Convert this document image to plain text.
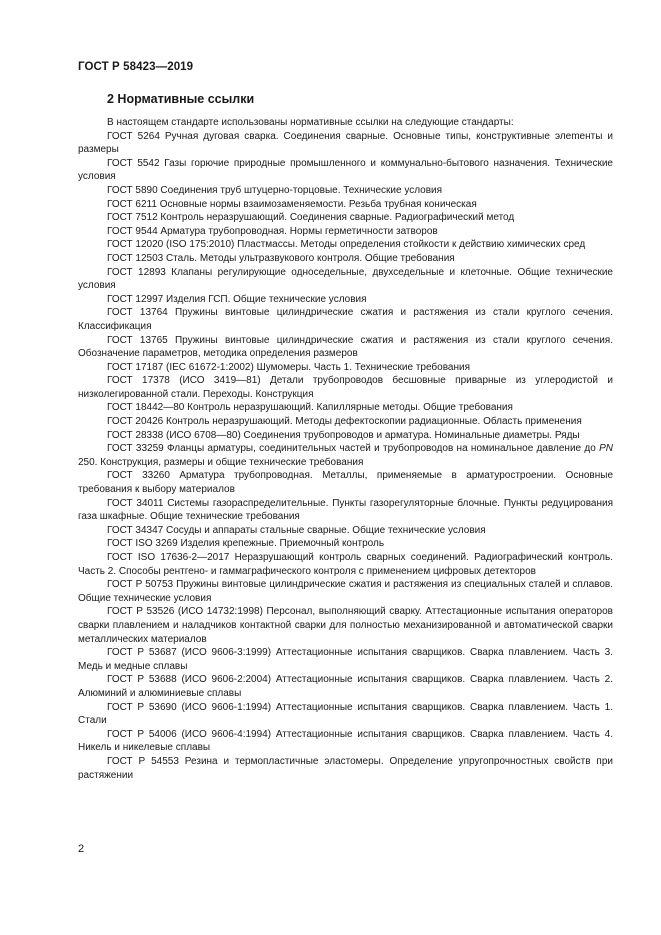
ГОСТ Р 58423—2019
2 Нормативные ссылки

В настоящем стандарте использованы нормативные ссылки на следующие стандарты:

ГОСТ 5264 Ручная дуговая сварка. Соединения сварные. Основные типы, конструктивные элеmенты и размеры

ГОСТ 5542 Газы горючие природные промышленного и коммунально-бытового назначения. Технические условия

ГОСТ 5890 Соединения труб штуцерно-торцовые. Технические условия

ГОСТ 6211 Основные нормы взаимозаменяемости. Резьба трубная коническая

ГОСТ 7512 Контроль неразрушающий. Соединения сварные. Радиографический метод

ГОСТ 9544 Арматура трубопроводная. Нормы герметичности затворов

ГОСТ 12020 (ISO 175:2010) Пластмассы. Методы определения стойкости к действию химических сред

ГОСТ 12503 Сталь. Методы ультразвукового контроля. Общие требования

ГОСТ 12893 Клапаны регулирующие односедельные, двухседельные и клеточные. Общие технические условия

ГОСТ 12997 Изделия ГСП. Общие технические условия

ГОСТ 13764 Пружины винтовые цилиндрические сжатия и растяжения из стали круглого сечения. Классификация

ГОСТ 13765 Пружины винтовые цилиндрические сжатия и растяжения из стали круглого сечения. Обозначение параметров, методика определения размеров

ГОСТ 17187 (IEC 61672-1:2002) Шумомеры. Часть 1. Технические требования

ГОСТ 17378 (ИСО 3419—81) Детали трубопроводов бесшовные приварные из углеродистой и низколегированной стали. Переходы. Конструкция

ГОСТ 18442—80 Контроль неразрушающий. Капиллярные методы. Общие требования

ГОСТ 20426 Контроль неразрушающий. Методы дефектоскопии радиационные. Область применения

ГОСТ 28338 (ИСО 6708—80) Соединения трубопроводов и арматура. Номинальные диаметры. Ряды

ГОСТ 33259 Фланцы арматуры, соединительных частей и трубопроводов на номинальное давление до PN 250. Конструкция, размеры и общие технические требования

ГОСТ 33260 Арматура трубопроводная. Металлы, применяемые в арматуростроении. Основные требования к выбору материалов

ГОСТ 34011 Системы газораспределительные. Пункты газорегуляторные блочные. Пункты редуцирования газа шкафные. Общие технические требования

ГОСТ 34347 Сосуды и аппараты стальные сварные. Общие технические условия

ГОСТ ISO 3269 Изделия крепежные. Приемочный контроль

ГОСТ ISO 17636-2—2017 Неразрушающий контроль сварных соединений. Радиографический контроль. Часть 2. Способы рентгено- и гаммаграфического контроля с применением цифровых детекторов

ГОСТ Р 50753 Пружины винтовые цилиндрические сжатия и растяжения из специальных сталей и сплавов. Общие технические условия

ГОСТ Р 53526 (ИСО 14732:1998) Персонал, выполняющий сварку. Аттестационные испытания операторов сварки плавлением и наладчиков контактной сварки для полностью механизированной и автоматической сварки металлических материалов

ГОСТ Р 53687 (ИСО 9606-3:1999) Аттестационные испытания сварщиков. Сварка плавлением. Часть 3. Медь и медные сплавы

ГОСТ Р 53688 (ИСО 9606-2:2004) Аттестационные испытания сварщиков. Сварка плавлением. Часть 2. Алюминий и алюминиевые сплавы

ГОСТ Р 53690 (ИСО 9606-1:1994) Аттестационные испытания сварщиков. Сварка плавлением. Часть 1. Стали

ГОСТ Р 54006 (ИСО 9606-4:1994) Аттестационные испытания сварщиков. Сварка плавлением. Часть 4. Никель и никелевые сплавы

ГОСТ Р 54553 Резина и термопластичные эластомеры. Определение упругопрочностных свойств при растяжении

2
